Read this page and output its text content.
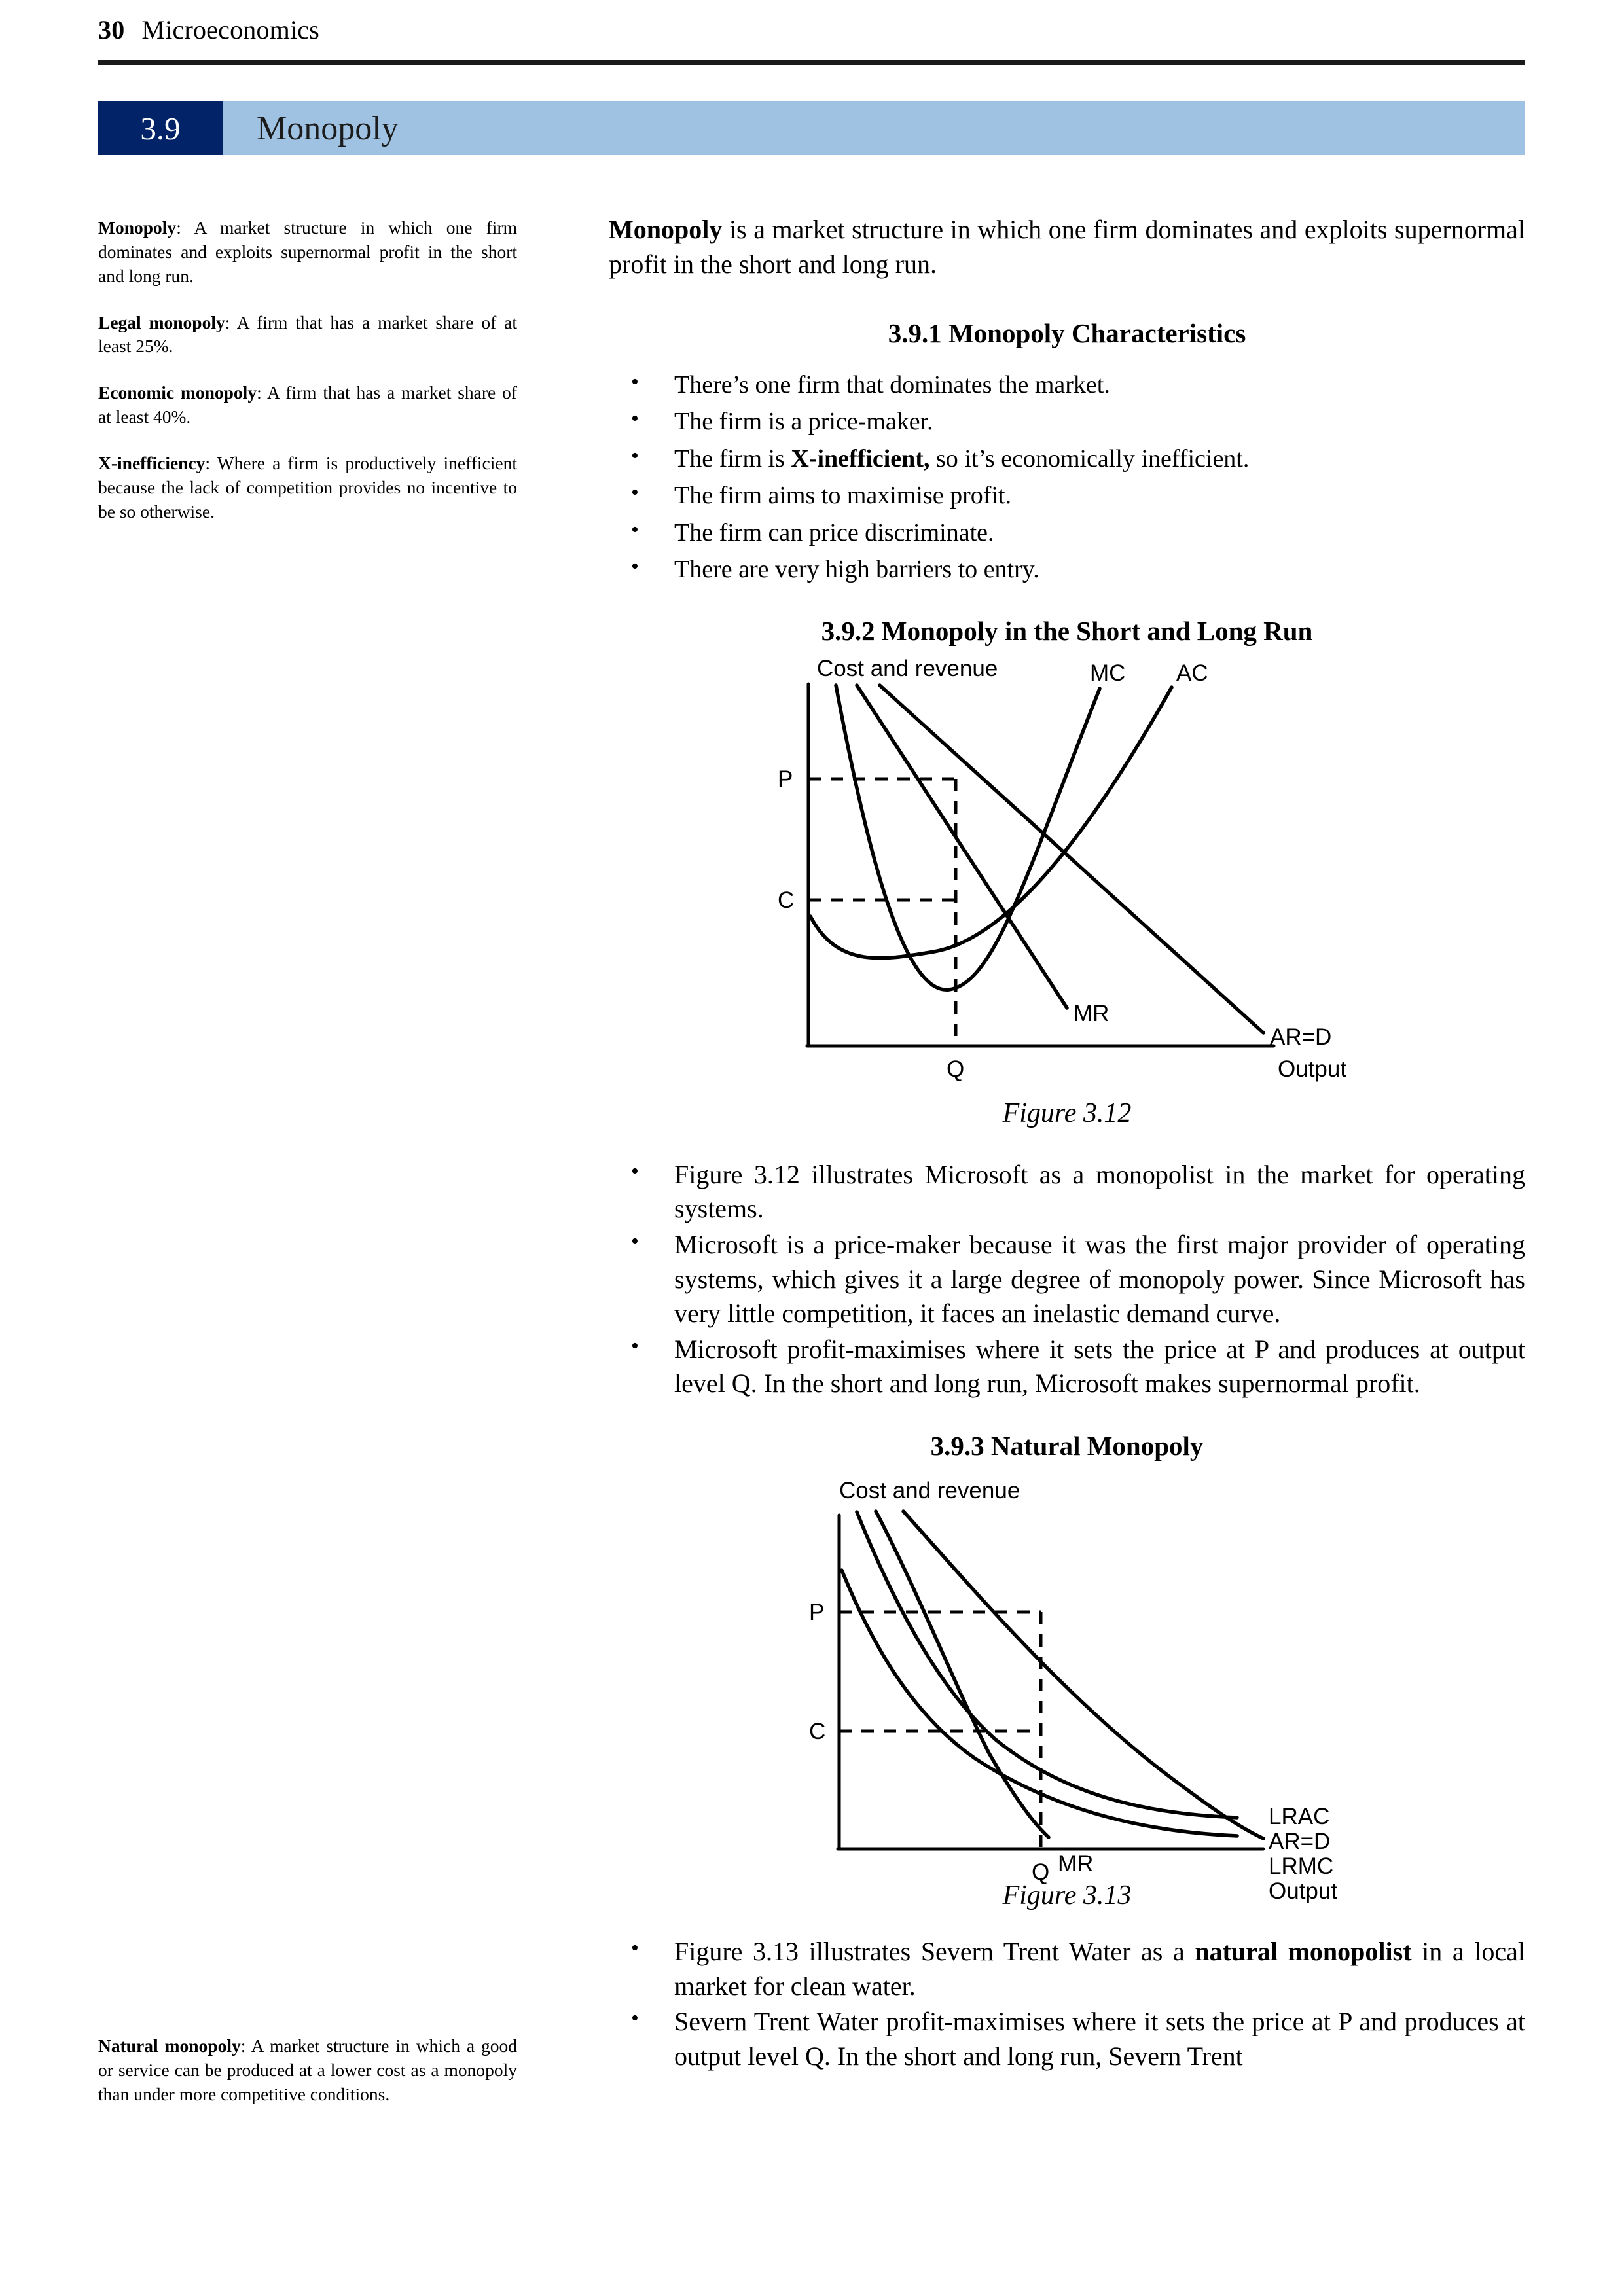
30 Microeconomics
3.9	Monopoly

Monopoly: A market structure in which one firm dominates and exploits supernormal profit in the short and long run.

Legal monopoly: A firm that has a market share of at least 25%.

Economic monopoly: A firm that has a market share of at least 40%.

X-inefficiency: Where a firm is productively inefficient because the lack of competition provides no incentive to be so otherwise.

Natural monopoly: A market structure in which a good or service can be produced at a lower cost as a monopoly than under more competitive conditions.

Monopoly is a market structure in which one firm dominates and exploits supernormal profit in the short and long run.

3.9.1 Monopoly Characteristics
• There’s one firm that dominates the market.
• The firm is a price-maker.
• The firm is X-inefficient, so it’s economically inefficient.
• The firm aims to maximise profit.
• The firm can price discriminate.
• There are very high barriers to entry.
3.9.2 Monopoly in the Short and Long Run
Cost and revenue	MC AC
AR=D
MR
Output
P
C
Q
Figure 3.12
• Figure 3.12 illustrates Microsoft as a monopolist in the market for operating systems.
• Microsoft is a price-maker because it was the first major provider of operating systems, which gives it a large degree of monopoly power. Since Microsoft has very little competition, it faces an inelastic demand curve.
• Microsoft profit-maximises where it sets the price at P and produces at output level Q. In the short and long run, Microsoft makes supernormal profit.
3.9.3 Natural Monopoly
Cost and revenue
LRAC
AR=D
LRMC
Output
MR
P
C
Q
Figure 3.13
• Figure 3.13 illustrates Severn Trent Water as a natural monopolist in a local market for clean water.
• Severn Trent Water profit-maximises where it sets the price at P and produces at output level Q. In the short and long run, Severn Trent
